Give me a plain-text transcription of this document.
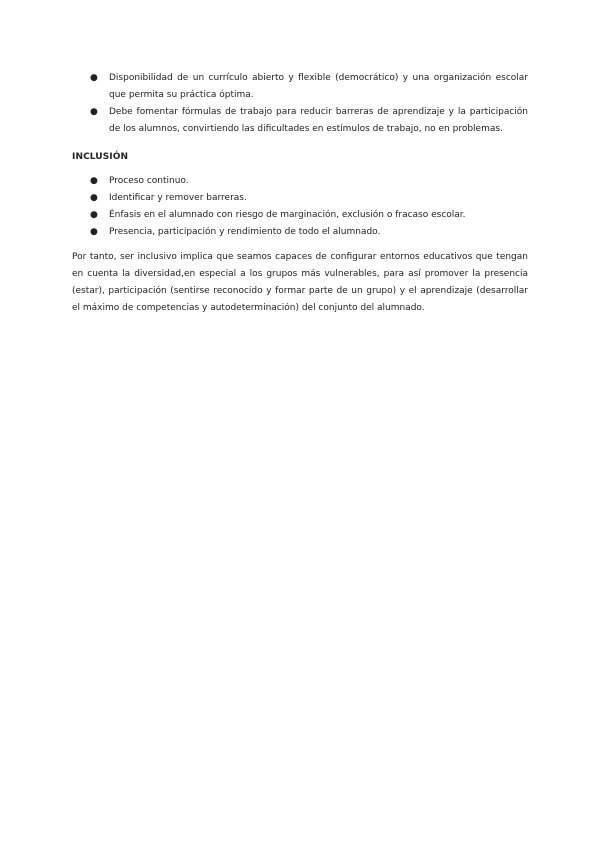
● Disponibilidad de un currículo abierto y flexible (democrático) y una organización escolar que permita su práctica óptima.
● Debe fomentar fórmulas de trabajo para reducir barreras de aprendizaje y la participación de los alumnos, convirtiendo las dificultades en estímulos de trabajo, no en problemas.
INCLUSIÓN
● Proceso continuo.
● Identificar y remover barreras.
● Énfasis en el alumnado con riesgo de marginación, exclusión o fracaso escolar.
● Presencia, participación y rendimiento de todo el alumnado.

Por tanto, ser inclusivo implica que seamos capaces de configurar entornos educativos que tengan en cuenta la diversidad,en especial a los grupos más vulnerables, para así promover la presencia (estar), participación (sentirse reconocido y formar parte de un grupo) y el aprendizaje (desarrollar el máximo de competencias y autodeterminación) del conjunto del alumnado.
